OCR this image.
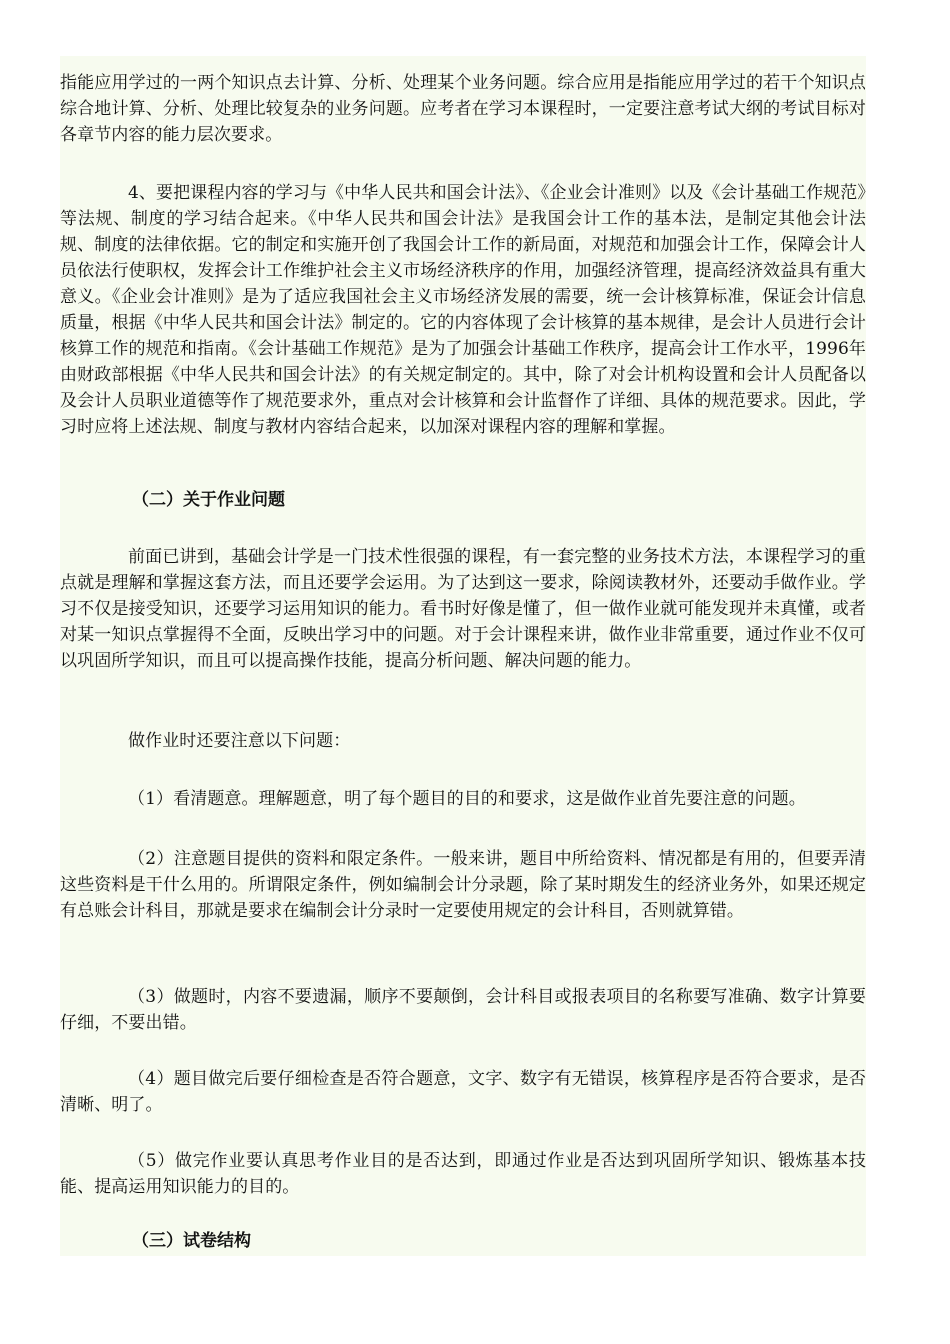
指能应用学过的一两个知识点去计算、分析、处理某个业务问题。综合应用是指能应用学过的若干个知识点综合地计算、分析、处理比较复杂的业务问题。应考者在学习本课程时，一定要注意考试大纲的考试目标对各章节内容的能力层次要求。

4、要把课程内容的学习与《中华人民共和国会计法》、《企业会计准则》以及《会计基础工作规范》等法规、制度的学习结合起来。《中华人民共和国会计法》是我国会计工作的基本法，是制定其他会计法规、制度的法律依据。它的制定和实施开创了我国会计工作的新局面，对规范和加强会计工作，保障会计人员依法行使职权，发挥会计工作维护社会主义市场经济秩序的作用，加强经济管理，提高经济效益具有重大意义。《企业会计准则》是为了适应我国社会主义市场经济发展的需要，统一会计核算标准，保证会计信息质量，根据《中华人民共和国会计法》制定的。它的内容体现了会计核算的基本规律，是会计人员进行会计核算工作的规范和指南。《会计基础工作规范》是为了加强会计基础工作秩序，提高会计工作水平，1996年由财政部根据《中华人民共和国会计法》的有关规定制定的。其中，除了对会计机构设置和会计人员配备以及会计人员职业道德等作了规范要求外，重点对会计核算和会计监督作了详细、具体的规范要求。因此，学习时应将上述法规、制度与教材内容结合起来，以加深对课程内容的理解和掌握。

（二）关于作业问题

前面已讲到，基础会计学是一门技术性很强的课程，有一套完整的业务技术方法，本课程学习的重点就是理解和掌握这套方法，而且还要学会运用。为了达到这一要求，除阅读教材外，还要动手做作业。学习不仅是接受知识，还要学习运用知识的能力。看书时好像是懂了，但一做作业就可能发现并未真懂，或者对某一知识点掌握得不全面，反映出学习中的问题。对于会计课程来讲，做作业非常重要，通过作业不仅可以巩固所学知识，而且可以提高操作技能，提高分析问题、解决问题的能力。

做作业时还要注意以下问题：

（1）看清题意。理解题意，明了每个题目的目的和要求，这是做作业首先要注意的问题。

（2）注意题目提供的资料和限定条件。一般来讲，题目中所给资料、情况都是有用的，但要弄清这些资料是干什么用的。所谓限定条件，例如编制会计分录题，除了某时期发生的经济业务外，如果还规定有总账会计科目，那就是要求在编制会计分录时一定要使用规定的会计科目，否则就算错。

（3）做题时，内容不要遗漏，顺序不要颠倒，会计科目或报表项目的名称要写准确、数字计算要仔细，不要出错。

（4）题目做完后要仔细检查是否符合题意，文字、数字有无错误，核算程序是否符合要求，是否清晰、明了。

（5）做完作业要认真思考作业目的是否达到，即通过作业是否达到巩固所学知识、锻炼基本技能、提高运用知识能力的目的。

（三）试卷结构
